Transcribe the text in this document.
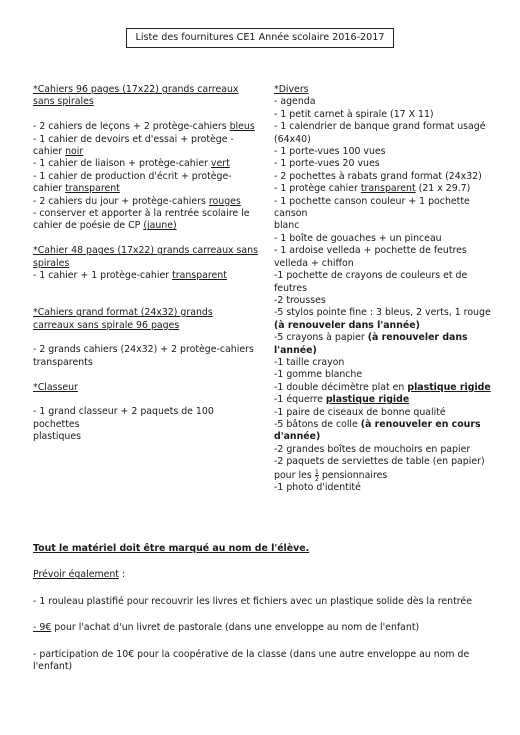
Liste des fournitures CE1 Année scolaire 2016-2017
*Cahiers 96 pages (17x22) grands carreaux
sans spirales
- 2 cahiers de leçons + 2 protège-cahiers bleus
- 1 cahier de devoirs et d'essai + protège -
cahier noir
- 1 cahier de liaison + protège-cahier vert
- 1 cahier de production d'écrit + protège-
cahier transparent
- 2 cahiers du jour + protège-cahiers rouges
- conserver et apporter à la rentrée scolaire le
cahier de poésie de CP (jaune)
*Cahier 48 pages (17x22) grands carreaux sans
spirales
- 1 cahier + 1 protège-cahier transparent
*Cahiers grand format (24x32) grands
carreaux sans spirale 96 pages
- 2 grands cahiers (24x32) + 2 protège-cahiers
transparents
*Classeur
- 1 grand classeur + 2 paquets de 100 pochettes
plastiques
*Divers
- agenda
- 1 petit carnet à spirale (17 X 11)
- 1 calendrier de banque grand format usagé
(64x40)
- 1 porte-vues 100 vues
- 1 porte-vues 20 vues
- 2 pochettes à rabats grand format (24x32)
- 1 protège cahier transparent (21 x 29.7)
- 1 pochette canson couleur + 1 pochette canson
blanc
- 1 boîte de gouaches + un pinceau
- 1 ardoise velleda + pochette de feutres
velleda + chiffon
-1 pochette de crayons de couleurs et de
feutres
-2 trousses
-5 stylos pointe fine : 3 bleus, 2 verts, 1 rouge
(à renouveler dans l'année)
-5 crayons à papier (à renouveler dans l'année)
-1 taille crayon
-1 gomme blanche
-1 double décimètre plat en plastique rigide
-1 équerre plastique rigide
-1 paire de ciseaux de bonne qualité
-5 bâtons de colle (à renouveler en cours
d'année)
-2 grandes boîtes de mouchoirs en papier
-2 paquets de serviettes de table (en papier)
pour les $\frac{1}{2}$ pensionnaires
-1 photo d'identité
Tout le matériel doit être marqué au nom de l'élève.
Prévoir également :
- 1 rouleau plastifié pour recouvrir les livres et fichiers avec un plastique solide dès la rentrée
- 9€ pour l'achat d'un livret de pastorale (dans une enveloppe au nom de l'enfant)
- participation de 10€ pour la coopérative de la classe (dans une autre enveloppe au nom de l'enfant)
